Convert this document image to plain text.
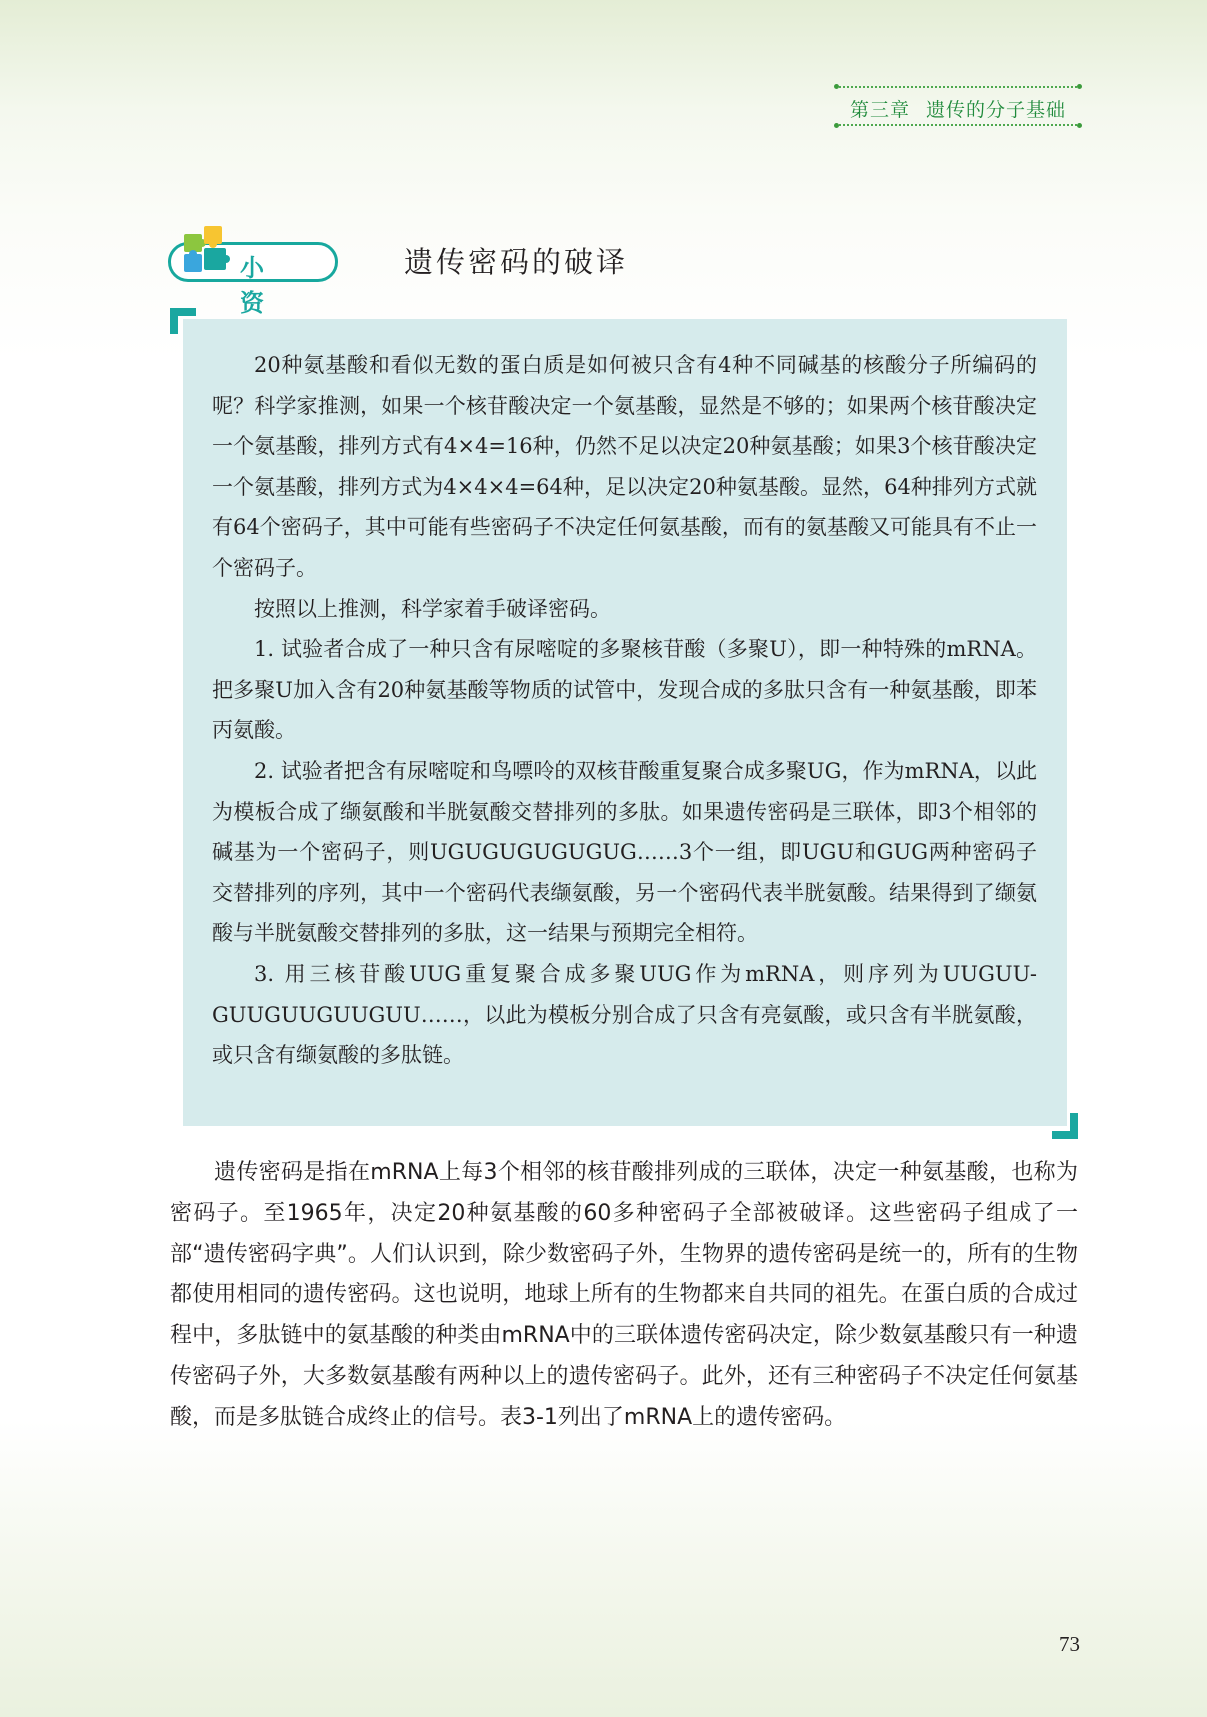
第三章 遗传的分子基础
小资
遗传密码的破译

20种氨基酸和看似无数的蛋白质是如何被只含有4种不同碱基的核酸分子所编码的呢？科学家推测，如果一个核苷酸决定一个氨基酸，显然是不够的；如果两个核苷酸决定一个氨基酸，排列方式有4×4=16种，仍然不足以决定20种氨基酸；如果3个核苷酸决定一个氨基酸，排列方式为4×4×4=64种，足以决定20种氨基酸。显然，64种排列方式就有64个密码子，其中可能有些密码子不决定任何氨基酸，而有的氨基酸又可能具有不止一个密码子。

按照以上推测，科学家着手破译密码。

1. 试验者合成了一种只含有尿嘧啶的多聚核苷酸（多聚U），即一种特殊的mRNA。把多聚U加入含有20种氨基酸等物质的试管中，发现合成的多肽只含有一种氨基酸，即苯丙氨酸。

2. 试验者把含有尿嘧啶和鸟嘌呤的双核苷酸重复聚合成多聚UG，作为mRNA，以此为模板合成了缬氨酸和半胱氨酸交替排列的多肽。如果遗传密码是三联体，即3个相邻的碱基为一个密码子，则UGUGUGUGUGUG……3个一组，即UGU和GUG两种密码子交替排列的序列，其中一个密码代表缬氨酸，另一个密码代表半胱氨酸。结果得到了缬氨酸与半胱氨酸交替排列的多肽，这一结果与预期完全相符。

3. 用三核苷酸UUG重复聚合成多聚UUG作为mRNA，则序列为UUGUU-GUUGUUGUUGUU……，以此为模板分别合成了只含有亮氨酸，或只含有半胱氨酸，或只含有缬氨酸的多肽链。

遗传密码是指在mRNA上每3个相邻的核苷酸排列成的三联体，决定一种氨基酸，也称为密码子。至1965年，决定20种氨基酸的60多种密码子全部被破译。这些密码子组成了一部“遗传密码字典”。人们认识到，除少数密码子外，生物界的遗传密码是统一的，所有的生物都使用相同的遗传密码。这也说明，地球上所有的生物都来自共同的祖先。在蛋白质的合成过程中，多肽链中的氨基酸的种类由mRNA中的三联体遗传密码决定，除少数氨基酸只有一种遗传密码子外，大多数氨基酸有两种以上的遗传密码子。此外，还有三种密码子不决定任何氨基酸，而是多肽链合成终止的信号。表3-1列出了mRNA上的遗传密码。

73
